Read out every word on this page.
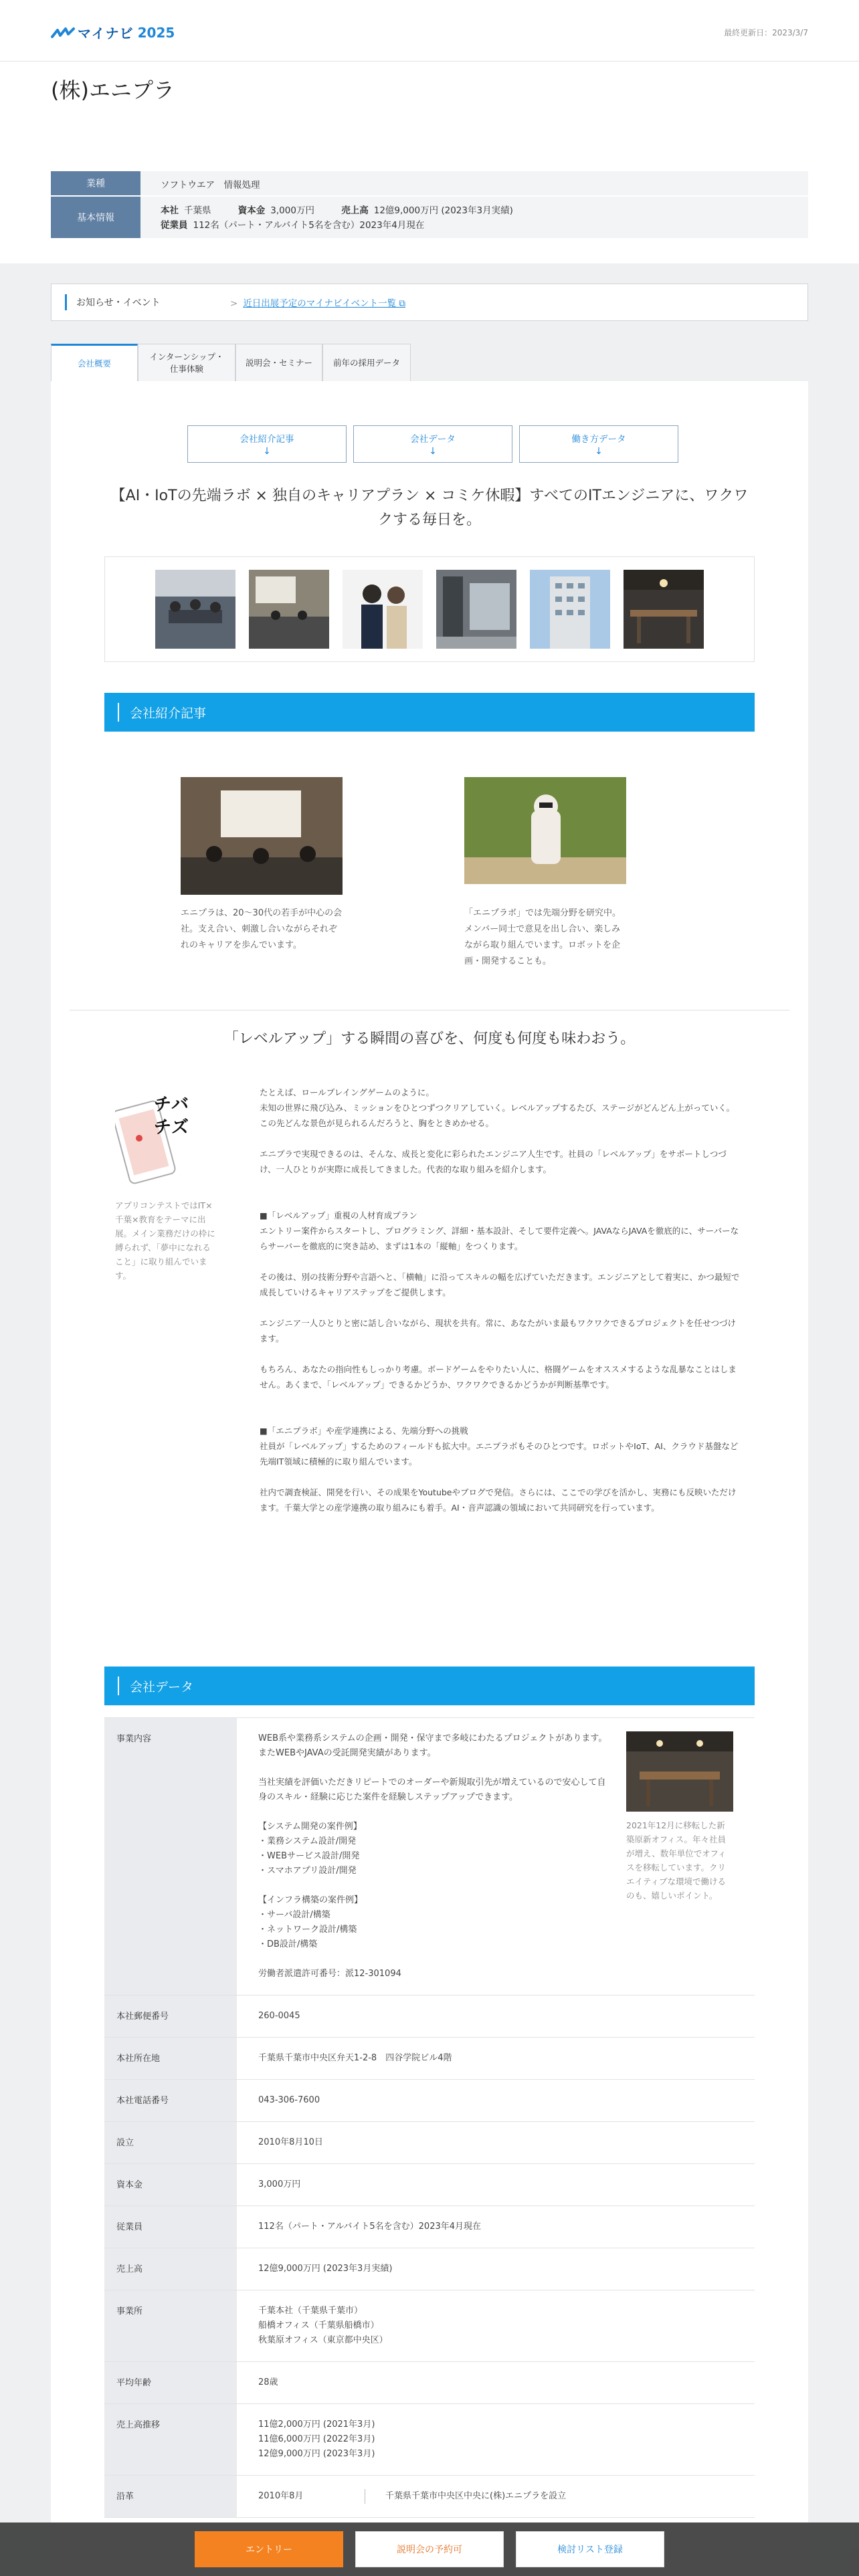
マイナビ 2025	最終更新日：2023/3/7
(株)エニプラ
業種	ソフトウエア　情報処理
基本情報
本社 千葉県	資本金 3,000万円	売上高 12億9,000万円 (2023年3月実績)
従業員 112名（パート・アルバイト5名を含む）2023年4月現在
お知らせ・イベント	> 近日出展予定のマイナビイベント一覧 ⧉
会社概要
インターンシップ・
仕事体験
説明会・セミナー	前年の採用データ
会社紹介記事
↓
会社データ
↓
働き方データ
↓
【AI・IoTの先端ラボ × 独自のキャリアプラン × コミケ休暇】すべてのITエンジニアに、ワクワクする毎日を。
会社紹介記事
エニプラは、20～30代の若手が中心の会社。支え合い、刺激し合いながらそれぞれのキャリアを歩んでいます。
「エニプラボ」では先端分野を研究中。メンバー同士で意見を出し合い、楽しみながら取り組んでいます。ロボットを企画・開発することも。
「レベルアップ」する瞬間の喜びを、何度も何度も味わおう。
チ バ
チ ズ
アプリコンテストではIT×千葉×教育をテーマに出展。メイン業務だけの枠に縛られず、「夢中になれること」に取り組んでいます。

たとえば、ロールプレイングゲームのように。
未知の世界に飛び込み、ミッションをひとつずつクリアしていく。レベルアップするたび、ステージがどんどん上がっていく。この先どんな景色が見られるんだろうと、胸をときめかせる。

エニプラで実現できるのは、そんな、成長と変化に彩られたエンジニア人生です。社員の「レベルアップ」をサポートしつづけ、一人ひとりが実際に成長してきました。代表的な取り組みを紹介します。

■「レベルアップ」重視の人材育成プラン
エントリー案件からスタートし、プログラミング、詳細・基本設計、そして要件定義へ。JAVAならJAVAを徹底的に、サーバーならサーバーを徹底的に突き詰め、まずは1本の「縦軸」をつくります。

その後は、別の技術分野や言語へと、「横軸」に沿ってスキルの幅を広げていただきます。エンジニアとして着実に、かつ最短で成長していけるキャリアステップをご提供します。

エンジニア一人ひとりと密に話し合いながら、現状を共有。常に、あなたがいま最もワクワクできるプロジェクトを任せつづけます。

もちろん、あなたの指向性もしっかり考慮。ボードゲームをやりたい人に、格闘ゲームをオススメするような乱暴なことはしません。あくまで、「レベルアップ」できるかどうか、ワクワクできるかどうかが判断基準です。

■「エニプラボ」や産学連携による、先端分野への挑戦
社員が「レベルアップ」するためのフィールドも拡大中。エニプラボもそのひとつです。ロボットやIoT、AI、クラウド基盤など先端IT領域に積極的に取り組んでいます。

社内で調査検証、開発を行い、その成果をYoutubeやブログで発信。さらには、ここでの学びを活かし、実務にも反映いただけます。千葉大学との産学連携の取り組みにも着手。AI・音声認識の領域において共同研究を行っています。

会社データ
事業内容	WEB系や業務系システムの企画・開発・保守まで多岐にわたるプロジェクトがあります。またWEBやJAVAの受託開発実績があります。
当社実績を評価いただきリピートでのオーダーや新規取引先が増えているので安心して自身のスキル・経験に応じた案件を経験しステップアップできます。
【システム開発の案件例】
・業務システム設計/開発
・WEBサービス設計/開発
・スマホアプリ設計/開発
【インフラ構築の案件例】
・サーバ設計/構築
・ネットワーク設計/構築
・DB設計/構築
労働者派遣許可番号：派12-301094
2021年12月に移転した新築原新オフィス。年々社員が増え、数年単位でオフィスを移転しています。クリエイティブな環境で働けるのも、嬉しいポイント。
本社郵便番号	260-0045
本社所在地	千葉県千葉市中央区弁天1-2-8　四谷学院ビル4階
本社電話番号	043-306-7600
設立	2010年8月10日
資本金	3,000万円
従業員	112名（パート・アルバイト5名を含む）2023年4月現在
売上高	12億9,000万円 (2023年3月実績)
事業所	千葉本社（千葉県千葉市）
船橋オフィス（千葉県船橋市）
秋葉原オフィス（東京都中央区）
平均年齢	28歳
売上高推移	11億2,000万円 (2021年3月)
11億6,000万円 (2022年3月)
12億9,000万円 (2023年3月)
沿革	2010年8月	千葉県千葉市中央区中央に(株)エニプラを設立
エントリー	説明会の予約可	検討リスト登録
